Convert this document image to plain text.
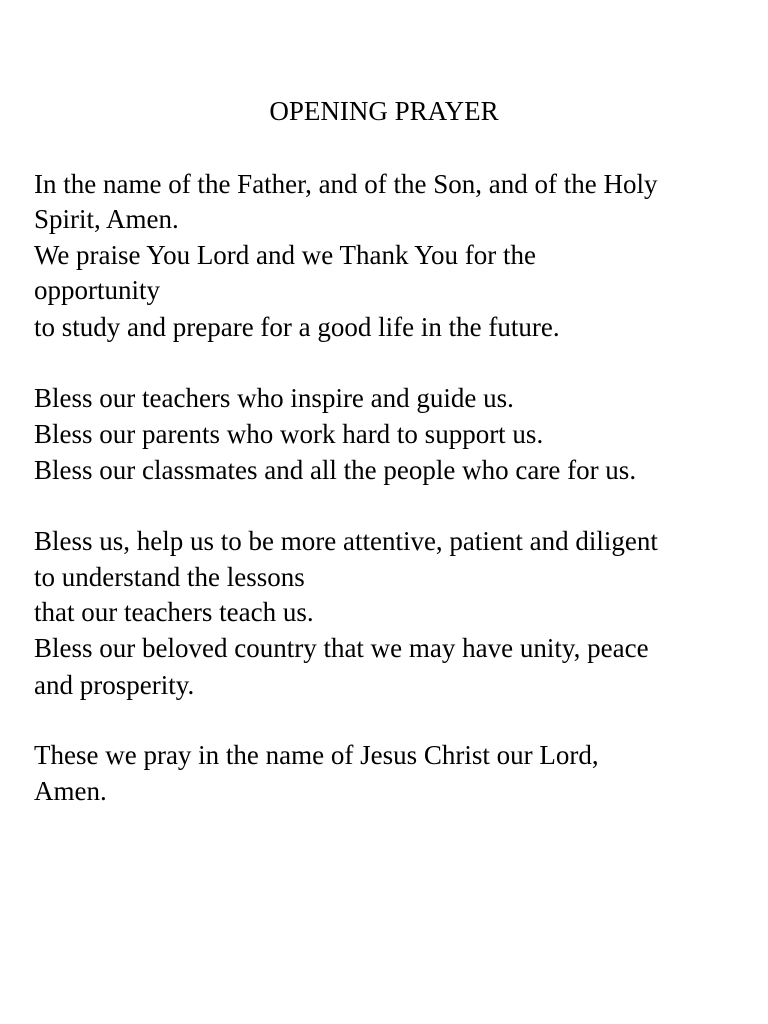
OPENING PRAYER

In the name of the Father, and of the Son, and of the Holy

Spirit, Amen.

We praise You Lord and we Thank You for the

opportunity

to study and prepare for a good life in the future.

Bless our teachers who inspire and guide us.

Bless our parents who work hard to support us.

Bless our classmates and all the people who care for us.

Bless us, help us to be more attentive, patient and diligent

to understand the lessons

that our teachers teach us.

Bless our beloved country that we may have unity, peace

and prosperity.

These we pray in the name of Jesus Christ our Lord,

Amen.
